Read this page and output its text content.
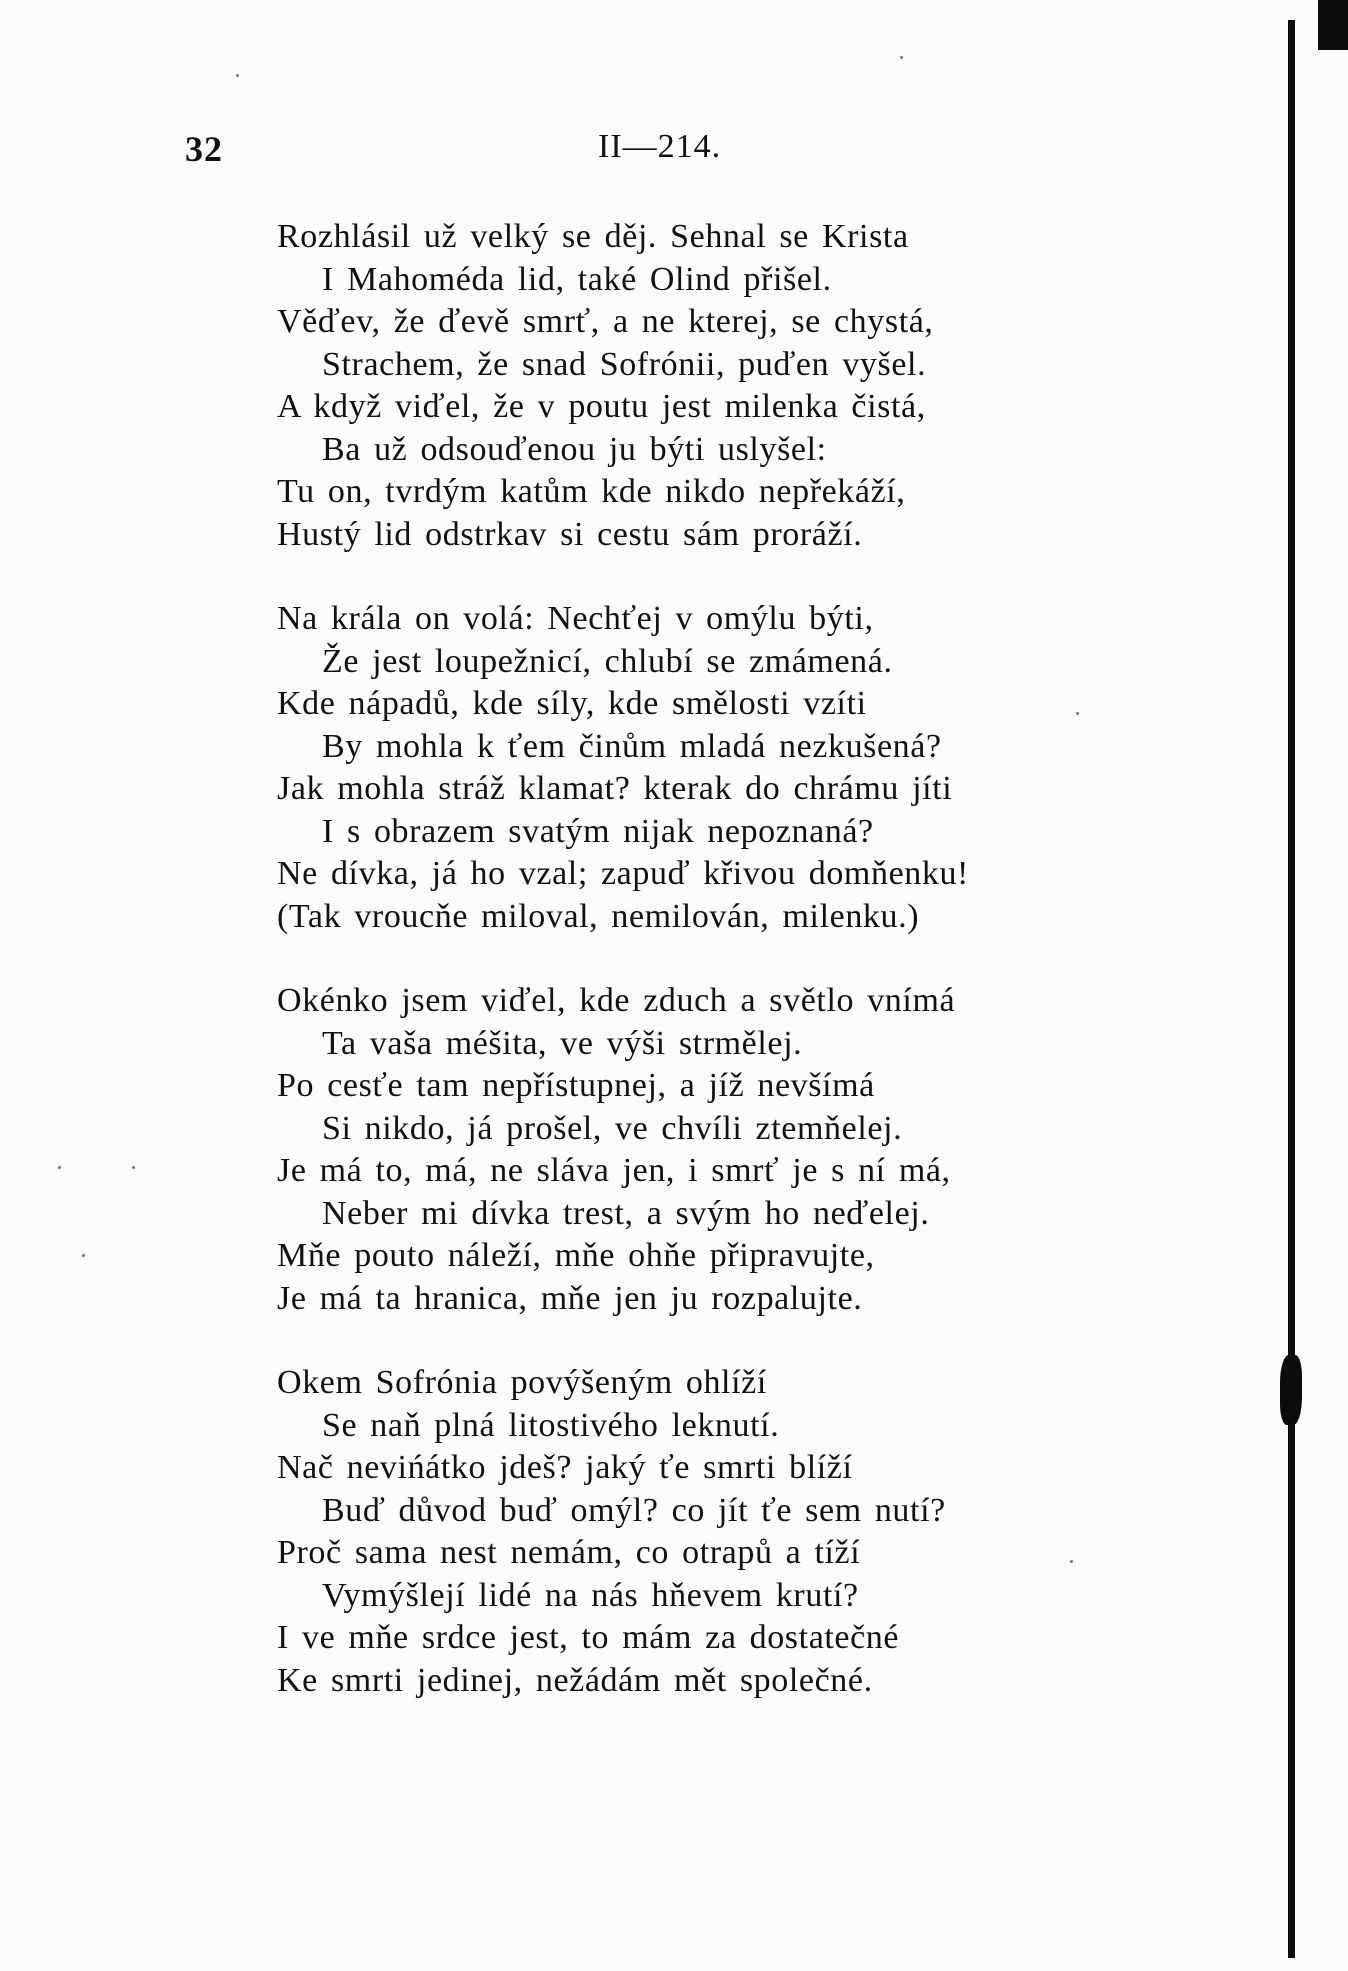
32	II—214.
Rozhlásil už velký se děj. Sehnal se Krista
I Mahoméda lid, také Olind přišel.
Věďev, že ďevě smrť, a ne kterej, se chystá,
Strachem, že snad Sofrónii, puďen vyšel.
A když viďel, že v poutu jest milenka čistá,
Ba už odsouďenou ju býti uslyšel:
Tu on, tvrdým katům kde nikdo nepřekáží,
Hustý lid odstrkav si cestu sám proráží.
Na krála on volá: Nechťej v omýlu býti,
Že jest loupežnicí, chlubí se zmámená.
Kde nápadů, kde síly, kde smělosti vzíti
By mohla k ťem činům mladá nezkušená?
Jak mohla stráž klamat? kterak do chrámu jíti
I s obrazem svatým nijak nepoznaná?
Ne dívka, já ho vzal; zapuď křivou domňenku!
(Tak vroucňe miloval, nemilován, milenku.)
Okénko jsem viďel, kde zduch a světlo vnímá
Ta vaša méšita, ve výši strmělej.
Po cesťe tam nepřístupnej, a jíž nevšímá
Si nikdo, já prošel, ve chvíli ztemňelej.
Je má to, má, ne sláva jen, i smrť je s ní má,
Neber mi dívka trest, a svým ho neďelej.
Mňe pouto náleží, mňe ohňe připravujte,
Je má ta hranica, mňe jen ju rozpalujte.
Okem Sofrónia povýšeným ohlíží
Se naň plná litostivého leknutí.
Nač nevińátko jdeš? jaký ťe smrti blíží
Buď důvod buď omýl? co jít ťe sem nutí?
Proč sama nest nemám, co otrapů a tíží
Vymýšlejí lidé na nás hňevem krutí?
I ve mňe srdce jest, to mám za dostatečné
Ke smrti jedinej, nežádám mět společné.
